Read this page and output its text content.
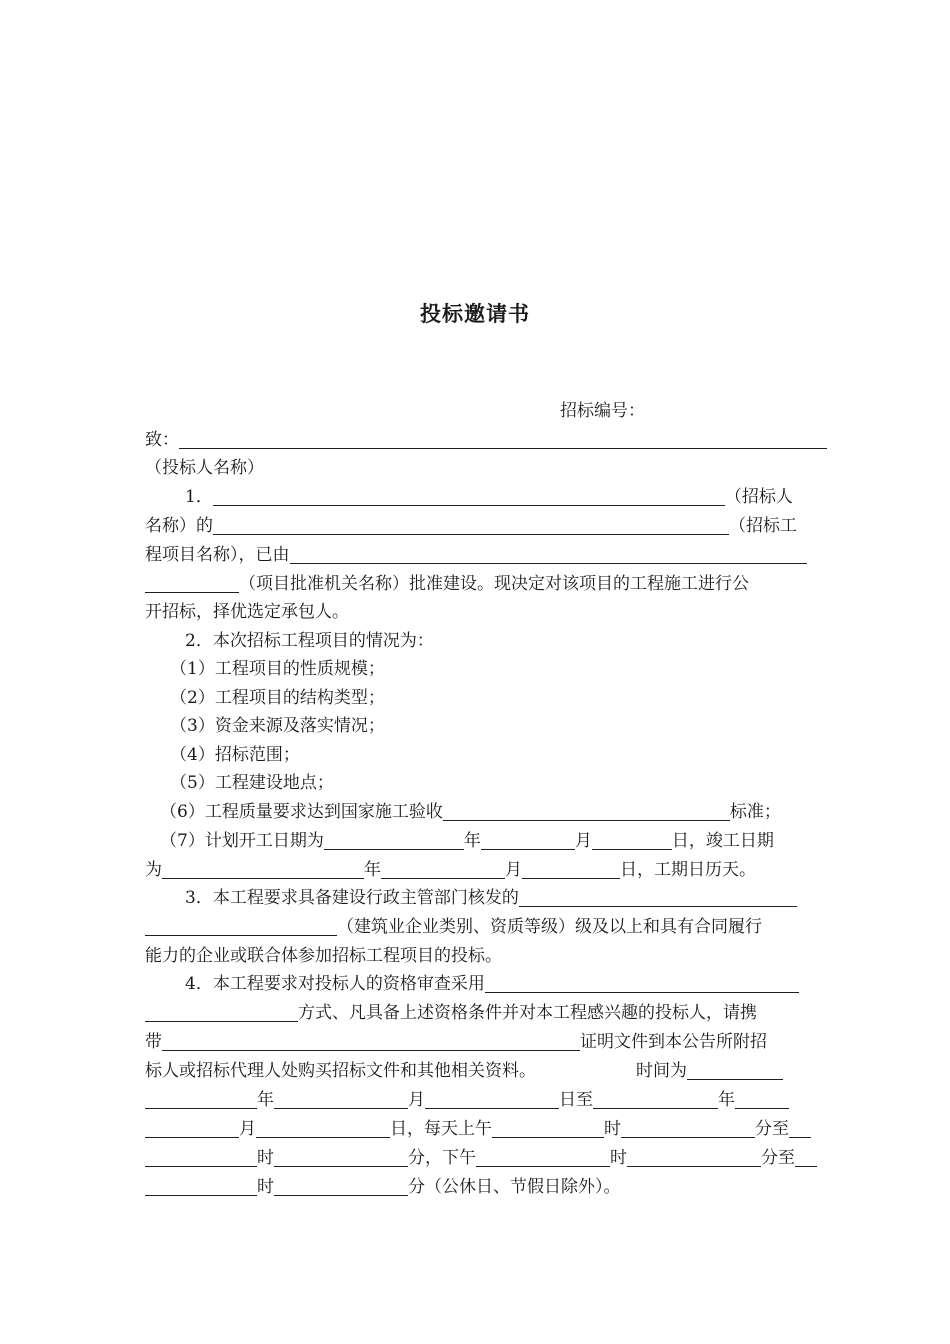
投标邀请书
招标编号：
致：
（投标人名称）
1．	（招标人
名称）的	（招标工
程项目名称），已由
（项目批准机关名称）批准建设。现决定对该项目的工程施工进行公
开招标，择优选定承包人。
2．本次招标工程项目的情况为：
（1）工程项目的性质规模；
（2）工程项目的结构类型；
（3）资金来源及落实情况；
（4）招标范围；
（5）工程建设地点；
（6）工程质量要求达到国家施工验收	标准；
（7）计划开工日期为	年	月	日，竣工日期
为	年	月	日，工期日历天。
3．本工程要求具备建设行政主管部门核发的
（建筑业企业类别、资质等级）级及以上和具有合同履行
能力的企业或联合体参加招标工程项目的投标。
4．本工程要求对投标人的资格审查采用
方式、凡具备上述资格条件并对本工程感兴趣的投标人，请携
带	证明文件到本公告所附招
标人或招标代理人处购买招标文件和其他相关资料。	时间为
年	月	日至	年
月	日，每天上午	时	分至
时	分，下午	时	分至
时	分（公休日、节假日除外）。
